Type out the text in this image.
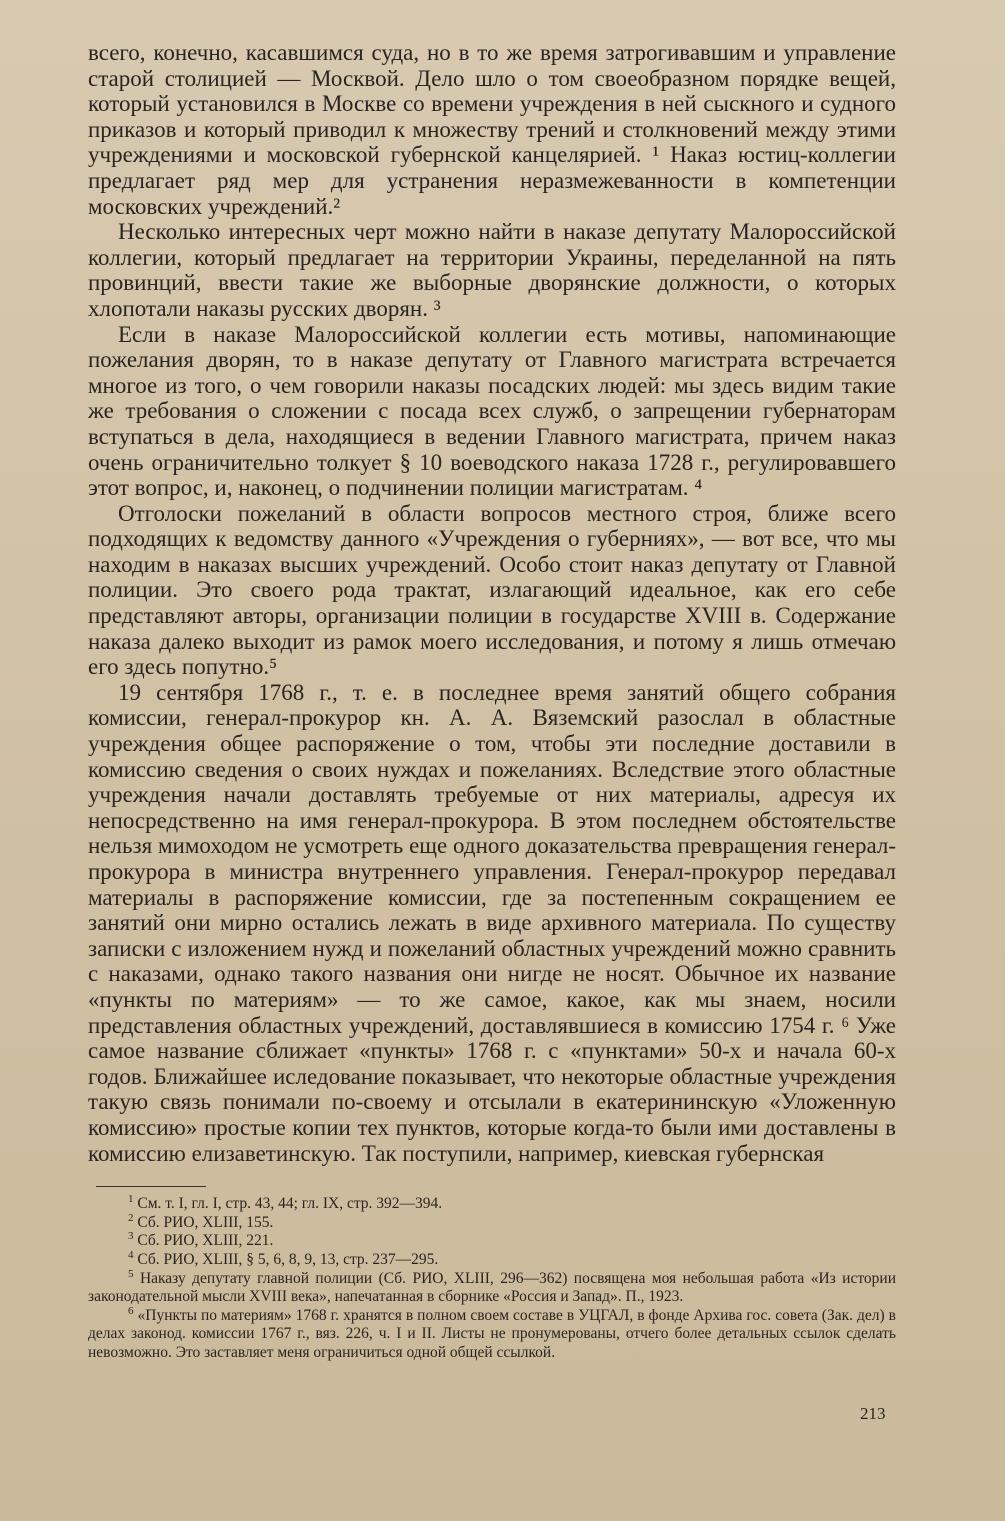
всего, конечно, касавшимся суда, но в то же время затрогивавшим и управление старой столицией — Москвой. Дело шло о том своеобразном порядке вещей, который установился в Москве со времени учреждения в ней сыскного и судного приказов и который приводил к множеству трений и столкновений между этими учреждениями и московской губернской канцелярией. ¹ Наказ юстиц-коллегии предлагает ряд мер для устранения неразмежеванности в компетенции московских учреждений.²

Несколько интересных черт можно найти в наказе депутату Малороссийской коллегии, который предлагает на территории Украины, переделанной на пять провинций, ввести такие же выборные дворянские должности, о которых хлопотали наказы русских дворян. ³

Если в наказе Малороссийской коллегии есть мотивы, напоминающие пожелания дворян, то в наказе депутату от Главного магистрата встречается многое из того, о чем говорили наказы посадских людей: мы здесь видим такие же требования о сложении с посада всех служб, о запрещении губернаторам вступаться в дела, находящиеся в ведении Главного магистрата, причем наказ очень ограничительно толкует § 10 воеводского наказа 1728 г., регулировавшего этот вопрос, и, наконец, о подчинении полиции магистратам. ⁴

Отголоски пожеланий в области вопросов местного строя, ближе всего подходящих к ведомству данного «Учреждения о губерниях», — вот все, что мы находим в наказах высших учреждений. Особо стоит наказ депутату от Главной полиции. Это своего рода трактат, излагающий идеальное, как его себе представляют авторы, организации полиции в государстве XVIII в. Содержание наказа далеко выходит из рамок моего исследования, и потому я лишь отмечаю его здесь попутно.⁵

19 сентября 1768 г., т. е. в последнее время занятий общего собрания комиссии, генерал-прокурор кн. А. А. Вяземский разослал в областные учреждения общее распоряжение о том, чтобы эти последние доставили в комиссию сведения о своих нуждах и пожеланиях. Вследствие этого областные учреждения начали доставлять требуемые от них материалы, адресуя их непосредственно на имя генерал-прокурора. В этом последнем обстоятельстве нельзя мимоходом не усмотреть еще одного доказательства превращения генерал-прокурора в министра внутреннего управления. Генерал-прокурор передавал материалы в распоряжение комиссии, где за постепенным сокращением ее занятий они мирно остались лежать в виде архивного материала. По существу записки с изложением нужд и пожеланий областных учреждений можно сравнить с наказами, однако такого названия они нигде не носят. Обычное их название «пункты по материям» — то же самое, какое, как мы знаем, носили представления областных учреждений, доставлявшиеся в комиссию 1754 г. ⁶ Уже самое название сближает «пункты» 1768 г. с «пунктами» 50-х и начала 60-х годов. Ближайшее иследование показывает, что некоторые областные учреждения такую связь понимали по-своему и отсылали в екатерининскую «Уложенную комиссию» простые копии тех пунктов, которые когда-то были ими доставлены в комиссию елизаветинскую. Так поступили, например, киевская губернская

$^1$ См. т. I, гл. I, стр. 43, 44; гл. IX, стр. 392—394.

$^2$ Сб. РИО, XLIII, 155.

$^3$ Сб. РИО, XLIII, 221.

$^4$ Сб. РИО, XLIII, § 5, 6, 8, 9, 13, стр. 237—295.

$^5$ Наказу депутату главной полиции (Сб. РИО, XLIII, 296—362) посвящена моя небольшая работа «Из истории законодательной мысли XVIII века», напечатанная в сборнике «Россия и Запад». П., 1923.

$^6$ «Пункты по материям» 1768 г. хранятся в полном своем составе в УЦГАЛ, в фонде Архива гос. совета (Зак. дел) в делах законод. комиссии 1767 г., вяз. 226, ч. I и II. Листы не пронумерованы, отчего более детальных ссылок сделать невозможно. Это заставляет меня ограничиться одной общей ссылкой.

213
